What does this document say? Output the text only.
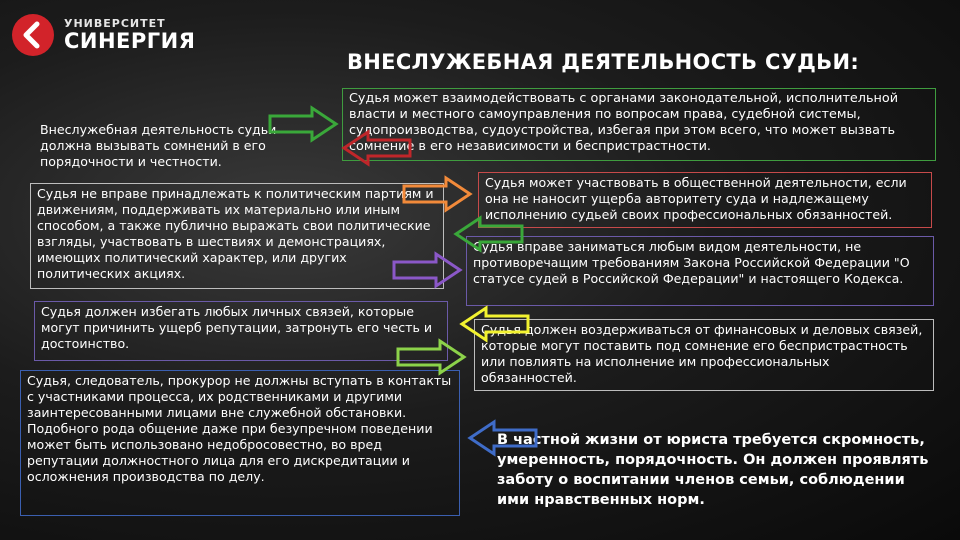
УНИВЕРСИТЕТ
СИНЕРГИЯ
ВНЕСЛУЖЕБНАЯ ДЕЯТЕЛЬНОСТЬ СУДЬИ:
Судья может взаимодействовать с органами законодательной, исполнительной власти и местного самоуправления по вопросам права, судебной системы, судопроизводства, судоустройства, избегая при этом всего, что может вызвать сомнение в его независимости и беспристрастности.
Внеслужебная деятельность судьи должна вызывать сомнений в его порядочности и честности.
Судья не вправе принадлежать к политическим партиям и движениям, поддерживать их материально или иным способом, а также публично выражать свои политические взгляды, участвовать в шествиях и демонстрациях, имеющих политический характер, или других политических акциях.
Судья должен избегать любых личных связей, которые могут причинить ущерб репутации, затронуть его честь и достоинство.
Судья, следователь, прокурор не должны вступать в контакты с участниками процесса, их родственниками и другими заинтересованными лицами вне служебной обстановки. Подобного рода общение даже при безупречном поведении может быть использовано недобросовестно, во вред репутации должностного лица для его дискредитации и осложнения производства по делу.
Судья может участвовать в общественной деятельности, если она не наносит ущерба авторитету суда и надлежащему исполнению судьей своих профессиональных обязанностей.
Судья вправе заниматься любым видом деятельности, не противоречащим требованиям Закона Российской Федерации "О статусе судей в Российской Федерации" и настоящего Кодекса.
Судья должен воздерживаться от финансовых и деловых связей, которые могут поставить под сомнение его беспристрастность или повлиять на исполнение им профессиональных обязанностей.
В частной жизни от юриста требуется скромность, умеренность, порядочность. Он должен проявлять заботу о воспитании членов семьи, соблюдении ими нравственных норм.
